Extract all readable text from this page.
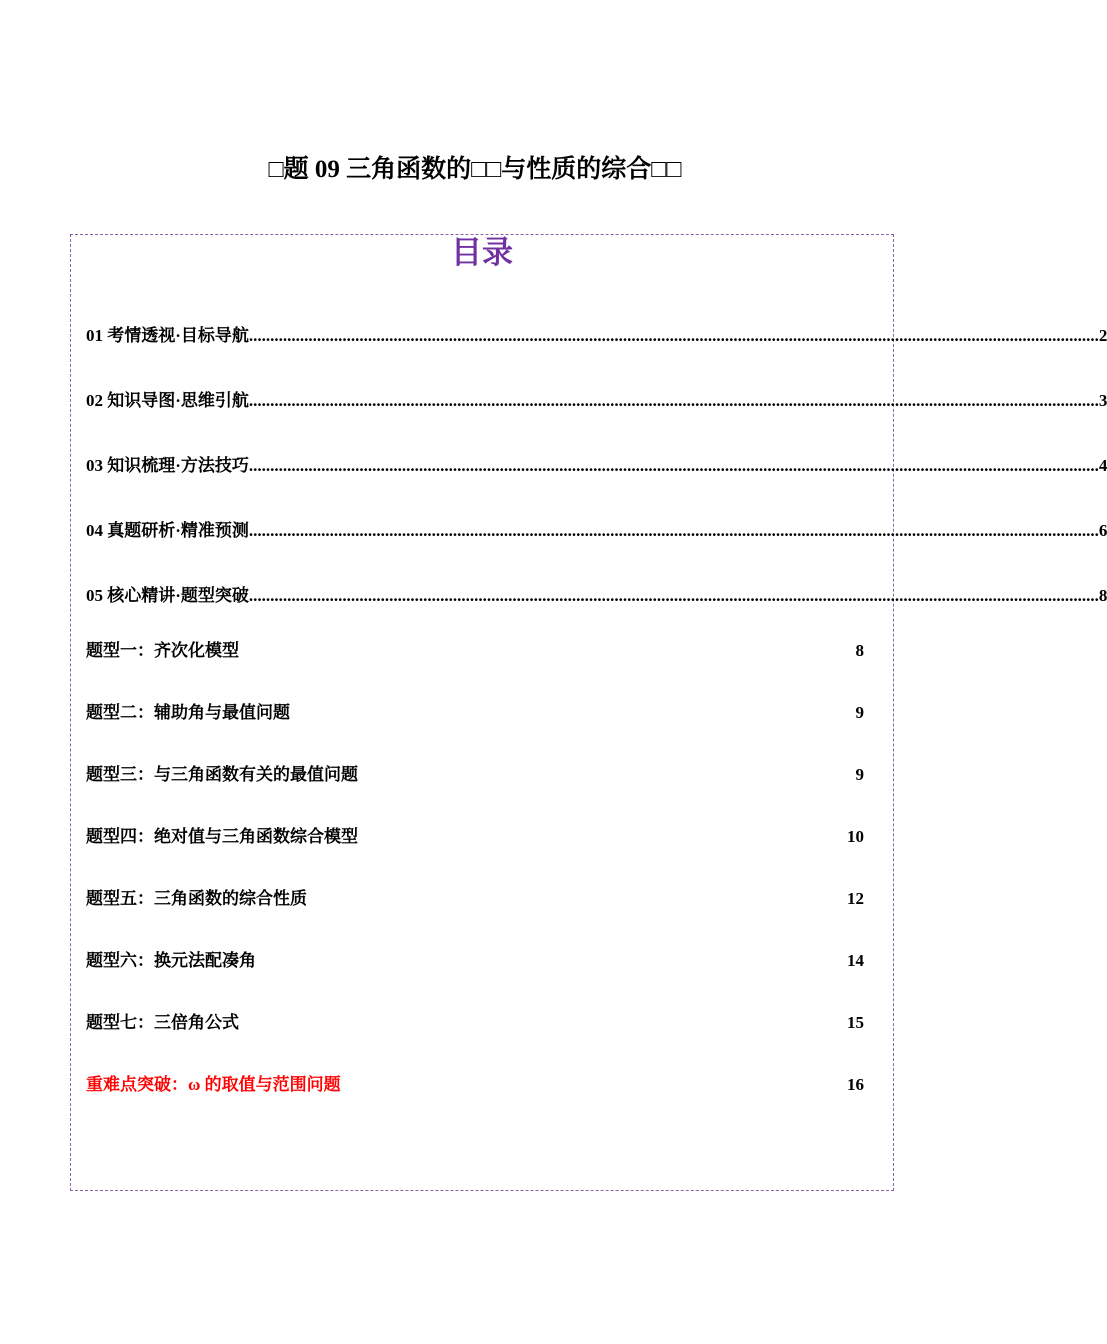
□题 09 三角函数的□□与性质的综合□□
目录
01 考情透视·目标导航 ........................................................................................................................................................................................................ 2
02 知识导图·思维引航 ........................................................................................................................................................................................................ 3
03 知识梳理·方法技巧 ........................................................................................................................................................................................................ 4
04 真题研析·精准预测 ........................................................................................................................................................................................................ 6
05 核心精讲·题型突破 ........................................................................................................................................................................................................ 8
题型一：齐次化模型	8
题型二：辅助角与最值问题	9
题型三：与三角函数有关的最值问题	9
题型四：绝对值与三角函数综合模型	10
题型五：三角函数的综合性质	12
题型六：换元法配凑角	14
题型七：三倍角公式	15
重难点突破：ω 的取值与范围问题	16
